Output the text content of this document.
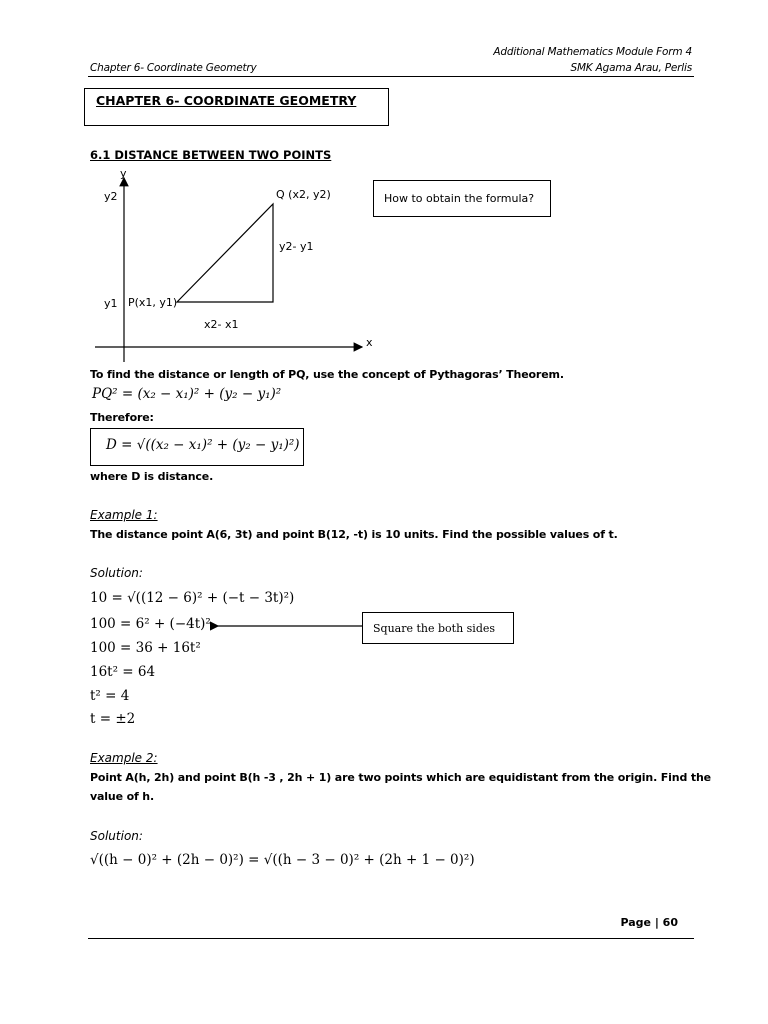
Additional Mathematics Module Form 4
Chapter 6- Coordinate Geometry	SMK Agama Arau, Perlis
CHAPTER 6- COORDINATE GEOMETRY
6.1 DISTANCE BETWEEN TWO POINTS
y
x
y2
y1
Q (x2, y2)
P(x1, y1)
y2- y1
x2- x1
How to obtain the formula?
To find the distance or length of PQ, use the concept of Pythagoras’ Theorem.
PQ² = (x₂ − x₁)² + (y₂ − y₁)²
Therefore:
D = √((x₂ − x₁)² + (y₂ − y₁)²)
where D is distance.
Example 1:
The distance point A(6, 3t) and point B(12, -t) is 10 units. Find the possible values of t.
Solution:
10 = √((12 − 6)² + (−t − 3t)²)
100 = 6² + (−4t)²
100 = 36 + 16t²
16t² = 64
t² = 4
t = ±2
Square the both sides
Example 2:
Point A(h, 2h) and point B(h -3 , 2h + 1) are two points which are equidistant from the origin. Find the
value of h.
Solution:
√((h − 0)² + (2h − 0)²) = √((h − 3 − 0)² + (2h + 1 − 0)²)
Page | 60
